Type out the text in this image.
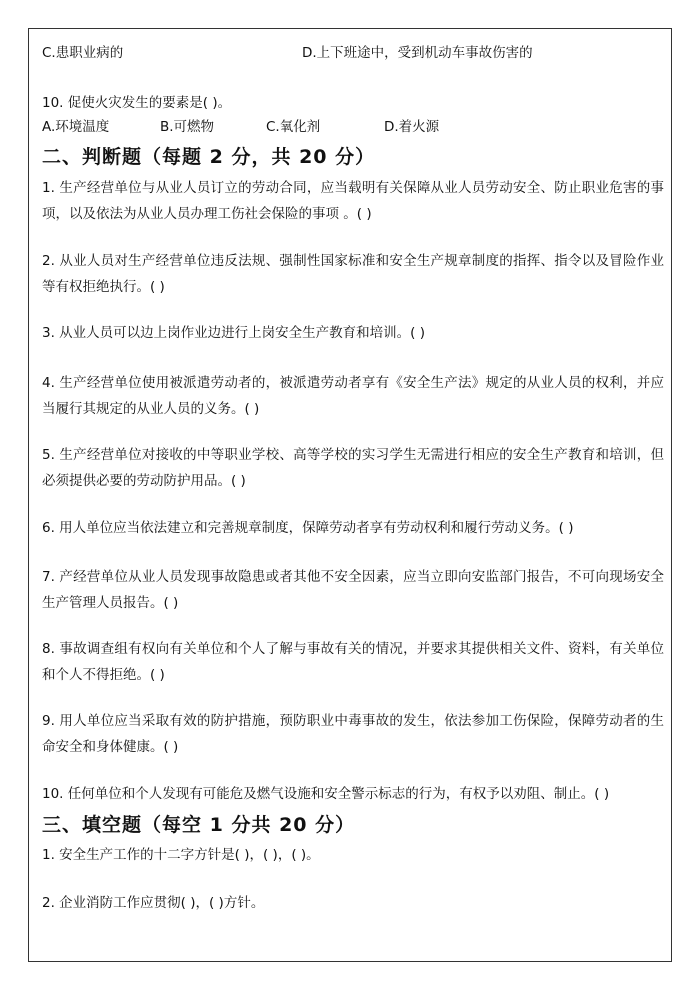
C.患职业病的	D.上下班途中，受到机动车事故伤害的
10. 促使火灾发生的要素是( )。
A.环境温度	B.可燃物	C.氧化剂	D.着火源
二、判断题（每题 2 分，共 20 分）
1. 生产经营单位与从业人员订立的劳动合同，应当载明有关保障从业人员劳动安全、防止职业危害的事项，以及依法为从业人员办理工伤社会保险的事项 。( )
2. 从业人员对生产经营单位违反法规、强制性国家标准和安全生产规章制度的指挥、指令以及冒险作业等有权拒绝执行。( )
3. 从业人员可以边上岗作业边进行上岗安全生产教育和培训。( )
4. 生产经营单位使用被派遣劳动者的，被派遣劳动者享有《安全生产法》规定的从业人员的权利，并应当履行其规定的从业人员的义务。( )
5. 生产经营单位对接收的中等职业学校、高等学校的实习学生无需进行相应的安全生产教育和培训，但必须提供必要的劳动防护用品。( )
6. 用人单位应当依法建立和完善规章制度，保障劳动者享有劳动权利和履行劳动义务。( )
7. 产经营单位从业人员发现事故隐患或者其他不安全因素，应当立即向安监部门报告，不可向现场安全生产管理人员报告。( )
8. 事故调查组有权向有关单位和个人了解与事故有关的情况，并要求其提供相关文件、资料，有关单位和个人不得拒绝。( )
9. 用人单位应当采取有效的防护措施，预防职业中毒事故的发生，依法参加工伤保险，保障劳动者的生命安全和身体健康。( )
10. 任何单位和个人发现有可能危及燃气设施和安全警示标志的行为，有权予以劝阻、制止。( )
三、填空题（每空 1 分共 20 分）
1. 安全生产工作的十二字方针是( )，( )，( )。
2. 企业消防工作应贯彻( )，( )方针。
